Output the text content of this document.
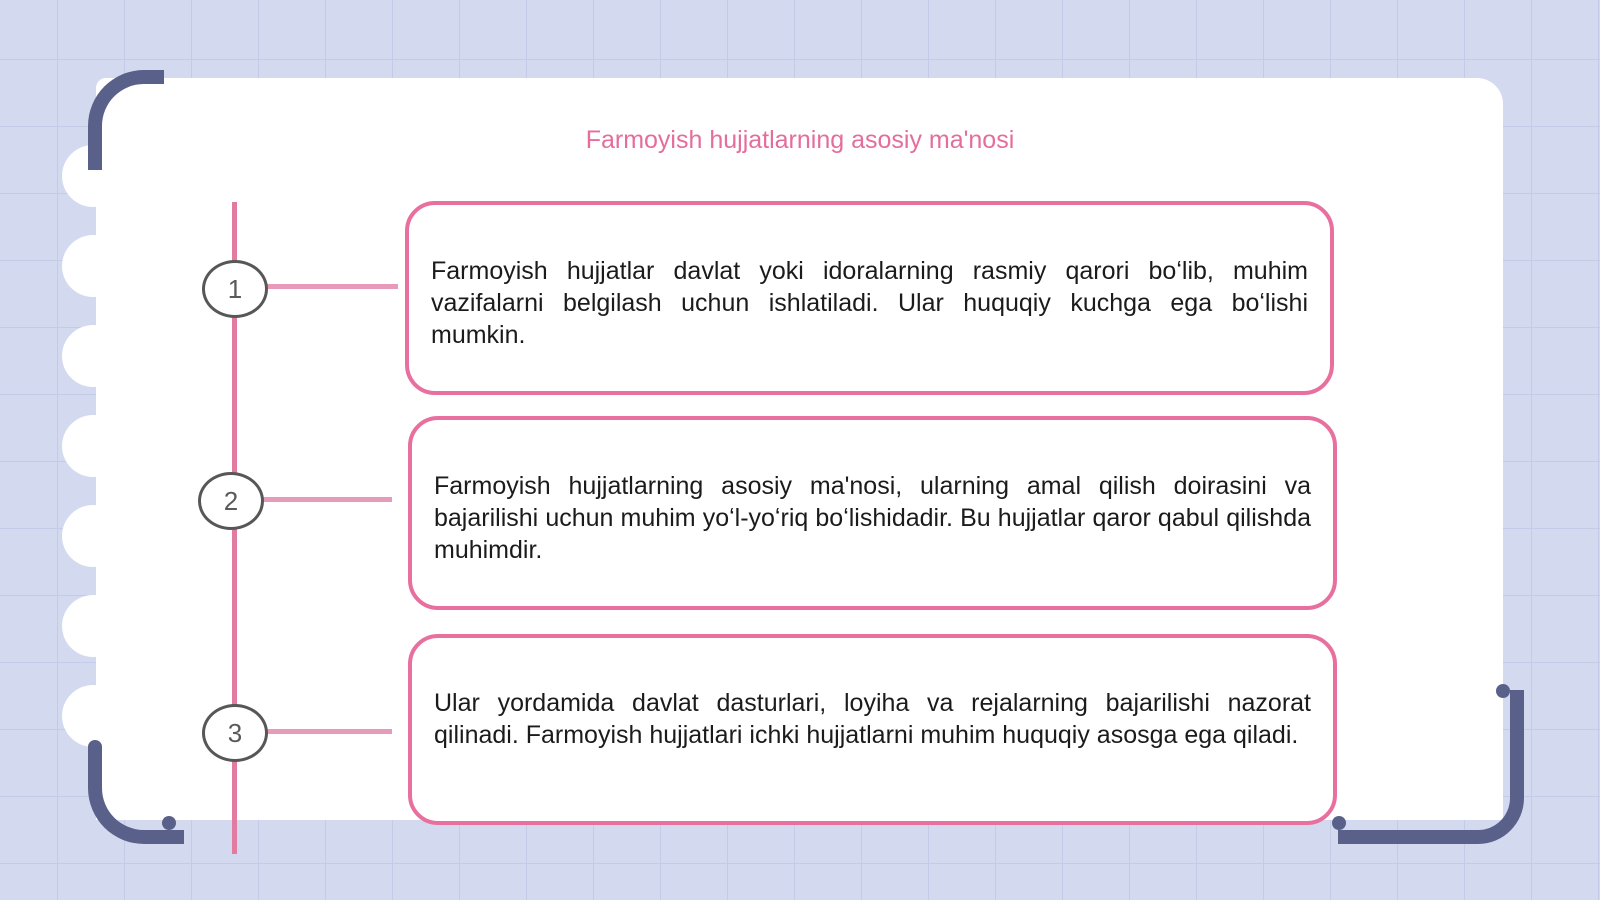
Farmoyish hujjatlarning asosiy ma'nosi
1
2
3
Farmoyish hujjatlar davlat yoki idoralarning rasmiy qarori boʻlib, muhim vazifalarni belgilash uchun ishlatiladi. Ular huquqiy kuchga ega boʻlishi mumkin.
Farmoyish hujjatlarning asosiy ma'nosi, ularning amal qilish doirasini va bajarilishi uchun muhim yoʻl-yoʻriq boʻlishidadir. Bu hujjatlar qaror qabul qilishda muhimdir.
Ular yordamida davlat dasturlari, loyiha va rejalarning bajarilishi nazorat qilinadi. Farmoyish hujjatlari ichki hujjatlarni muhim huquqiy asosga ega qiladi.
